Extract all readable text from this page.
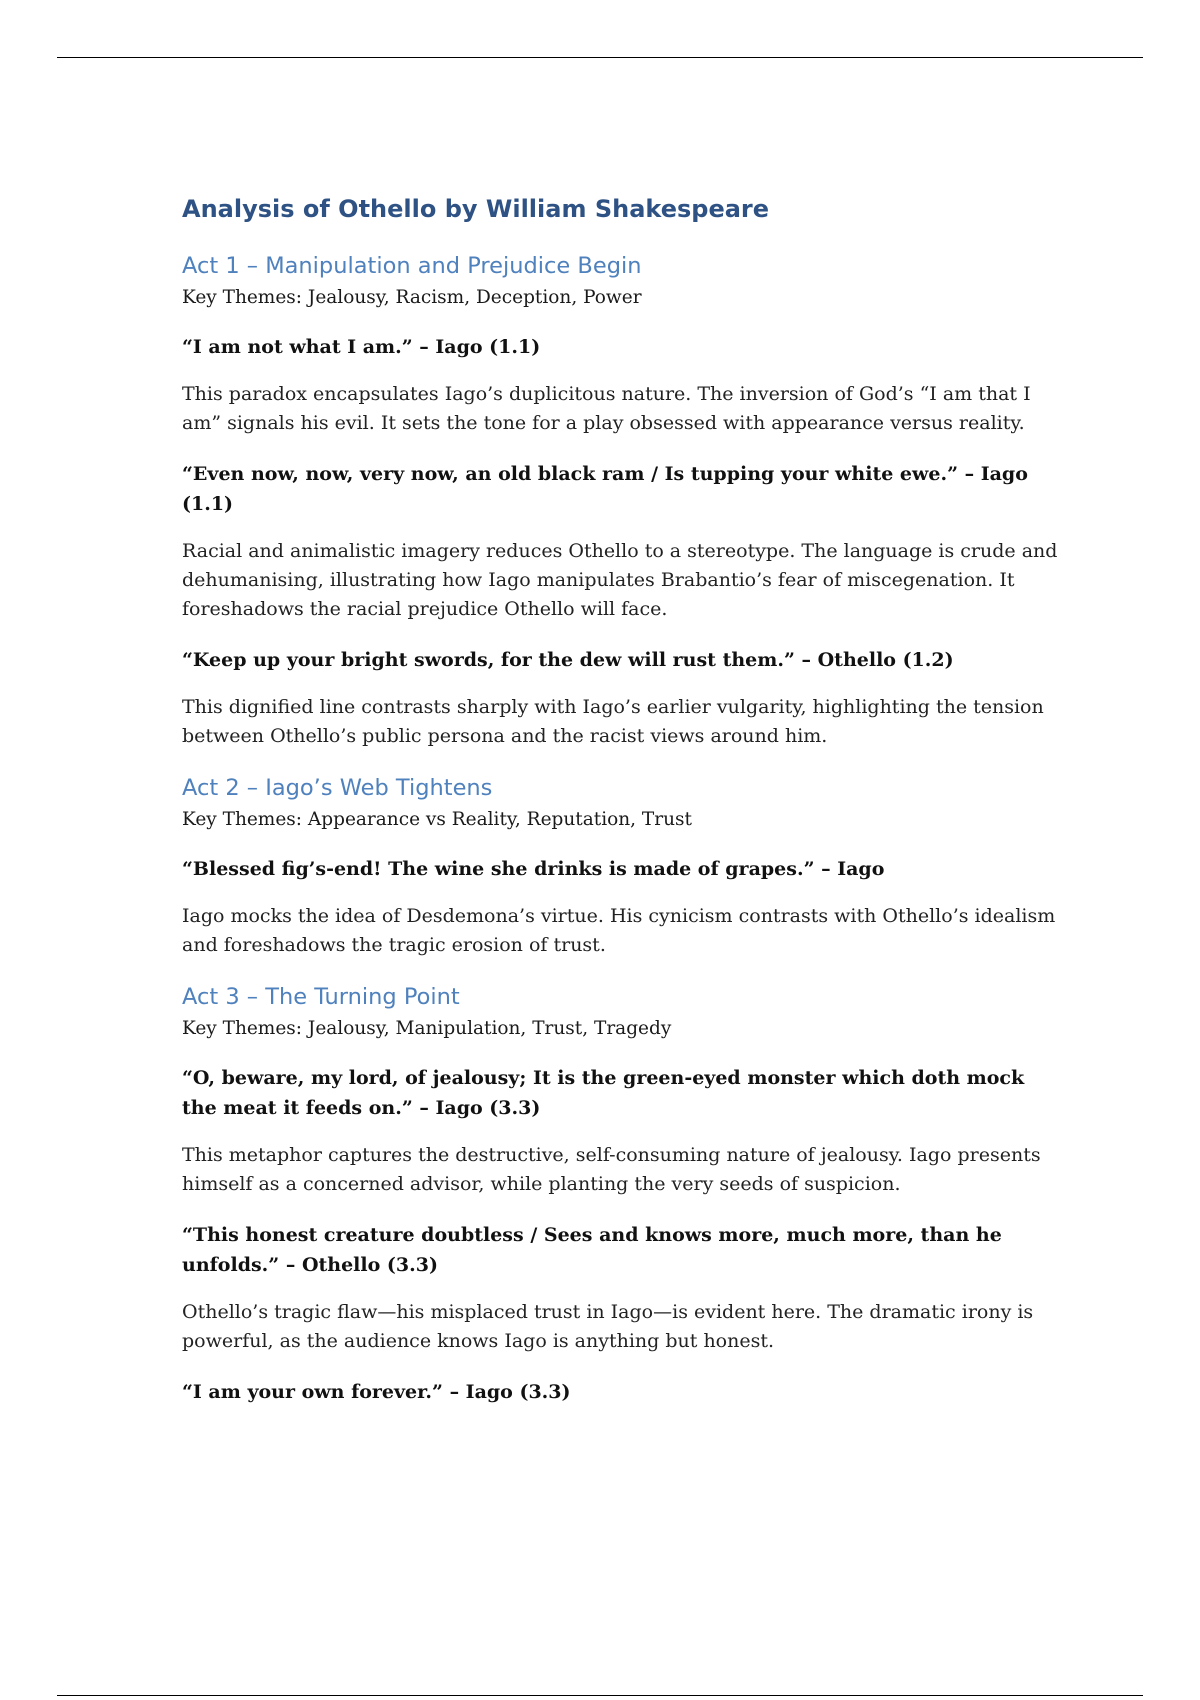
Analysis of Othello by William Shakespeare
Act 1 – Manipulation and Prejudice Begin

Key Themes: Jealousy, Racism, Deception, Power

“I am not what I am.” – Iago (1.1)

This paradox encapsulates Iago’s duplicitous nature. The inversion of God’s “I am that I am” signals his evil. It sets the tone for a play obsessed with appearance versus reality.

“Even now, now, very now, an old black ram / Is tupping your white ewe.” – Iago (1.1)

Racial and animalistic imagery reduces Othello to a stereotype. The language is crude and dehumanising, illustrating how Iago manipulates Brabantio’s fear of miscegenation. It foreshadows the racial prejudice Othello will face.

“Keep up your bright swords, for the dew will rust them.” – Othello (1.2)

This dignified line contrasts sharply with Iago’s earlier vulgarity, highlighting the tension between Othello’s public persona and the racist views around him.

Act 2 – Iago’s Web Tightens

Key Themes: Appearance vs Reality, Reputation, Trust

“Blessed fig’s-end! The wine she drinks is made of grapes.” – Iago

Iago mocks the idea of Desdemona’s virtue. His cynicism contrasts with Othello’s idealism and foreshadows the tragic erosion of trust.

Act 3 – The Turning Point

Key Themes: Jealousy, Manipulation, Trust, Tragedy

“O, beware, my lord, of jealousy; It is the green-eyed monster which doth mock the meat it feeds on.” – Iago (3.3)

This metaphor captures the destructive, self-consuming nature of jealousy. Iago presents himself as a concerned advisor, while planting the very seeds of suspicion.

“This honest creature doubtless / Sees and knows more, much more, than he unfolds.” – Othello (3.3)

Othello’s tragic flaw—his misplaced trust in Iago—is evident here. The dramatic irony is powerful, as the audience knows Iago is anything but honest.

“I am your own forever.” – Iago (3.3)
